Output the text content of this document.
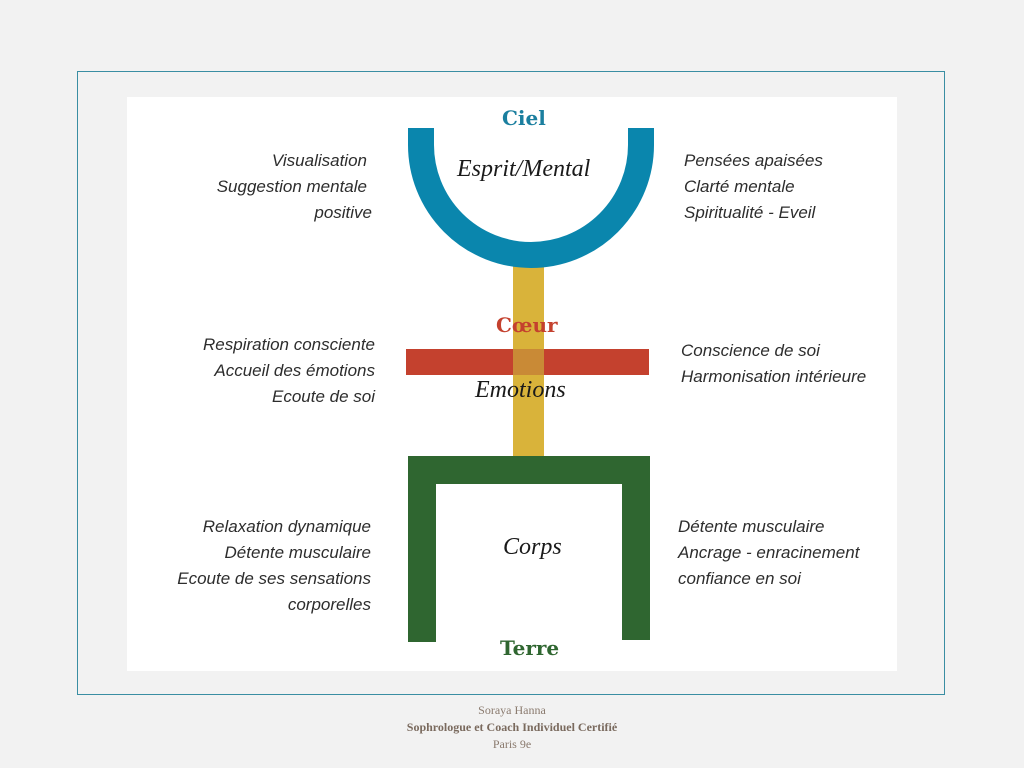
Ciel
Cœur
Terre
Esprit/Mental
Emotions
Corps
Visualisation
Suggestion mentale
positive
Pensées apaisées
Clarté mentale
Spiritualité - Eveil
Respiration consciente
Accueil des émotions
Ecoute de soi
Conscience de soi
Harmonisation intérieure
Relaxation dynamique
Détente musculaire
Ecoute de ses sensations
corporelles
Détente musculaire
Ancrage - enracinement
confiance en soi
Soraya Hanna
Sophrologue et Coach Individuel Certifié
Paris 9e
